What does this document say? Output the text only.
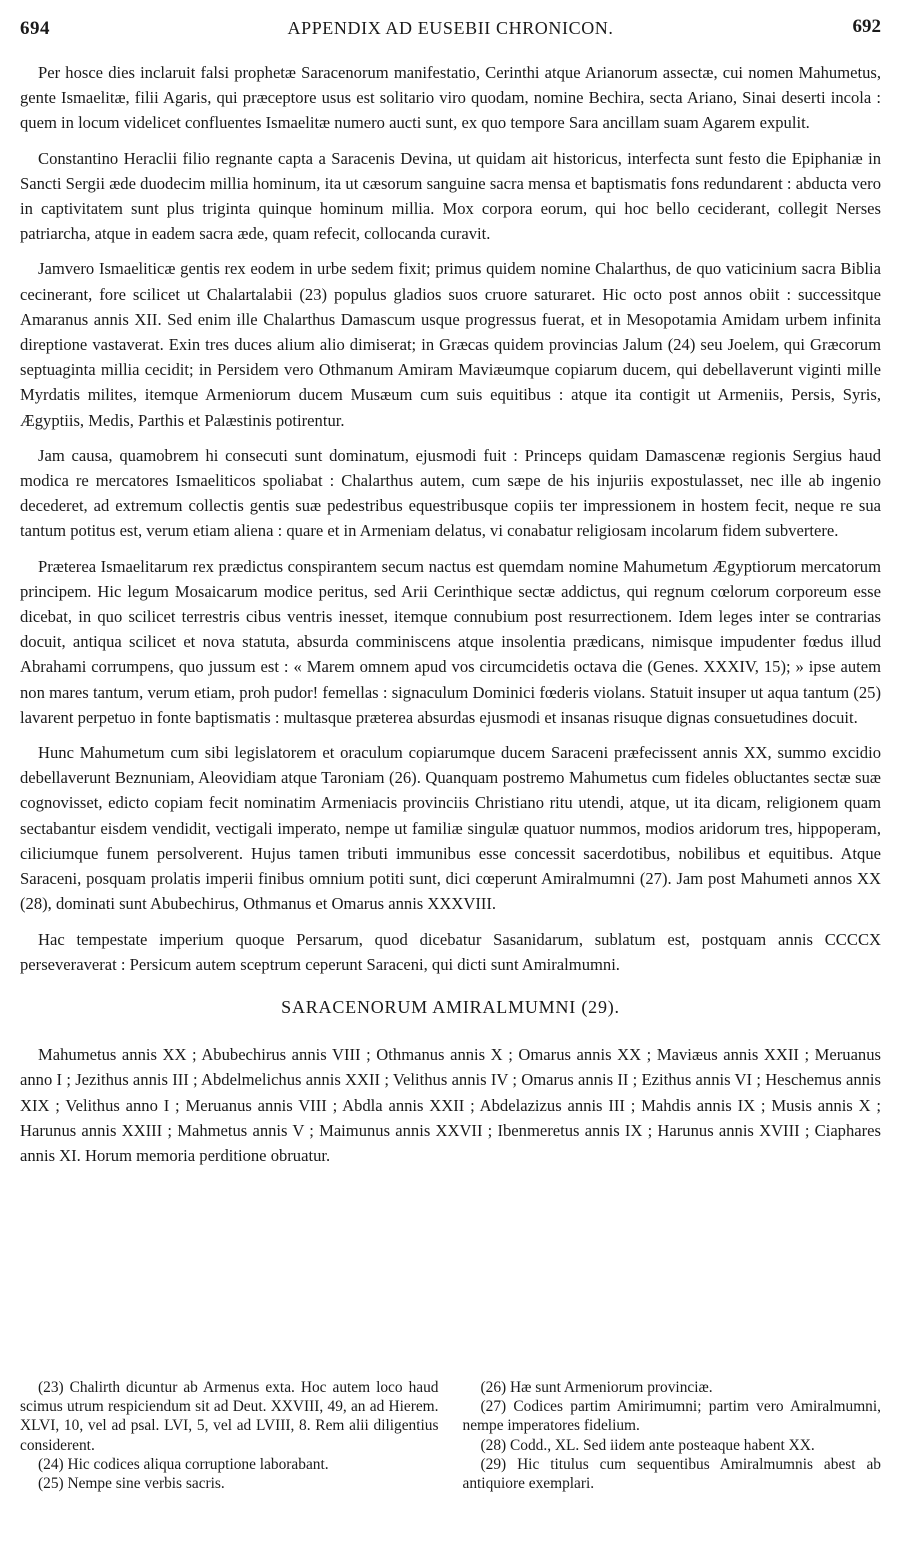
694	APPENDIX AD EUSEBII CHRONICON.	692

Per hosce dies inclaruit falsi prophetæ Saracenorum manifestatio, Cerinthi atque Arianorum assectæ, cui nomen Mahumetus, gente Ismaelitæ, filii Agaris, qui præceptore usus est solitario viro quodam, nomine Bechira, secta Ariano, Sinai deserti incola : quem in locum videlicet confluentes Ismaelitæ numero aucti sunt, ex quo tempore Sara ancillam suam Agarem expulit.

Constantino Heraclii filio regnante capta a Saracenis Devina, ut quidam ait historicus, interfecta sunt festo die Epiphaniæ in Sancti Sergii æde duodecim millia hominum, ita ut cæsorum sanguine sacra mensa et baptismatis fons redundarent : abducta vero in captivitatem sunt plus triginta quinque hominum millia. Mox corpora eorum, qui hoc bello ceciderant, collegit Nerses patriarcha, atque in eadem sacra æde, quam refecit, collocanda curavit.

Jamvero Ismaeliticæ gentis rex eodem in urbe sedem fixit; primus quidem nomine Chalarthus, de quo vaticinium sacra Biblia cecinerant, fore scilicet ut Chalartalabii (23) populus gladios suos cruore saturaret. Hic octo post annos obiit : successitque Amaranus annis XII. Sed enim ille Chalarthus Damascum usque progressus fuerat, et in Mesopotamia Amidam urbem infinita direptione vastaverat. Exin tres duces alium alio dimiserat; in Græcas quidem provincias Jalum (24) seu Joelem, qui Græcorum septuaginta millia cecidit; in Persidem vero Othmanum Amiram Maviæumque copiarum ducem, qui debellaverunt viginti mille Myrdatis milites, itemque Armeniorum ducem Musæum cum suis equitibus : atque ita contigit ut Armeniis, Persis, Syris, Ægyptiis, Medis, Parthis et Palæstinis potirentur.

Jam causa, quamobrem hi consecuti sunt dominatum, ejusmodi fuit : Princeps quidam Damascenæ regionis Sergius haud modica re mercatores Ismaeliticos spoliabat : Chalarthus autem, cum sæpe de his injuriis expostulasset, nec ille ab ingenio decederet, ad extremum collectis gentis suæ pedestribus equestribusque copiis ter impressionem in hostem fecit, neque re sua tantum potitus est, verum etiam aliena : quare et in Armeniam delatus, vi conabatur religiosam incolarum fidem subvertere.

Præterea Ismaelitarum rex prædictus conspirantem secum nactus est quemdam nomine Mahumetum Ægyptiorum mercatorum principem. Hic legum Mosaicarum modice peritus, sed Arii Cerinthique sectæ addictus, qui regnum cœlorum corporeum esse dicebat, in quo scilicet terrestris cibus ventris inesset, itemque connubium post resurrectionem. Idem leges inter se contrarias docuit, antiqua scilicet et nova statuta, absurda comminiscens atque insolentia prædicans, nimisque impudenter fœdus illud Abrahami corrumpens, quo jussum est : « Marem omnem apud vos circumcidetis octava die (Genes. XXXIV, 15); » ipse autem non mares tantum, verum etiam, proh pudor! femellas : signaculum Dominici fœderis violans. Statuit insuper ut aqua tantum (25) lavarent perpetuo in fonte baptismatis : multasque præterea absurdas ejusmodi et insanas risuque dignas consuetudines docuit.

Hunc Mahumetum cum sibi legislatorem et oraculum copiarumque ducem Saraceni præfecissent annis XX, summo excidio debellaverunt Beznuniam, Aleovidiam atque Taroniam (26). Quanquam postremo Mahumetus cum fideles obluctantes sectæ suæ cognovisset, edicto copiam fecit nominatim Armeniacis provinciis Christiano ritu utendi, atque, ut ita dicam, religionem quam sectabantur eisdem vendidit, vectigali imperato, nempe ut familiæ singulæ quatuor nummos, modios aridorum tres, hippoperam, ciliciumque funem persolverent. Hujus tamen tributi immunibus esse concessit sacerdotibus, nobilibus et equitibus. Atque Saraceni, posquam prolatis imperii finibus omnium potiti sunt, dici cœperunt Amiralmumni (27). Jam post Mahumeti annos XX (28), dominati sunt Abubechirus, Othmanus et Omarus annis XXXVIII.

Hac tempestate imperium quoque Persarum, quod dicebatur Sasanidarum, sublatum est, postquam annis CCCCX perseveraverat : Persicum autem sceptrum ceperunt Saraceni, qui dicti sunt Amiralmumni.

SARACENORUM AMIRALMUMNI (29).

Mahumetus annis XX ; Abubechirus annis VIII ; Othmanus annis X ; Omarus annis XX ; Maviæus annis XXII ; Meruanus anno I ; Jezithus annis III ; Abdelmelichus annis XXII ; Velithus annis IV ; Omarus annis II ; Ezithus annis VI ; Heschemus annis XIX ; Velithus anno I ; Meruanus annis VIII ; Abdla annis XXII ; Abdelazizus annis III ; Mahdis annis IX ; Musis annis X ; Harunus annis XXIII ; Mahmetus annis V ; Maimunus annis XXVII ; Ibenmeretus annis IX ; Harunus annis XVIII ; Ciaphares annis XI. Horum memoria perditione obruatur.

(23) Chalirth dicuntur ab Armenus exta. Hoc autem loco haud scimus utrum respiciendum sit ad Deut. XXVIII, 49, an ad Hierem. XLVI, 10, vel ad psal. LVI, 5, vel ad LVIII, 8. Rem alii diligentius considerent.

(24) Hic codices aliqua corruptione laborabant.

(25) Nempe sine verbis sacris.

(26) Hæ sunt Armeniorum provinciæ.

(27) Codices partim Amirimumni; partim vero Amiralmumni, nempe imperatores fidelium.

(28) Codd., XL. Sed iidem ante posteaque habent XX.

(29) Hic titulus cum sequentibus Amiralmumnis abest ab antiquiore exemplari.
